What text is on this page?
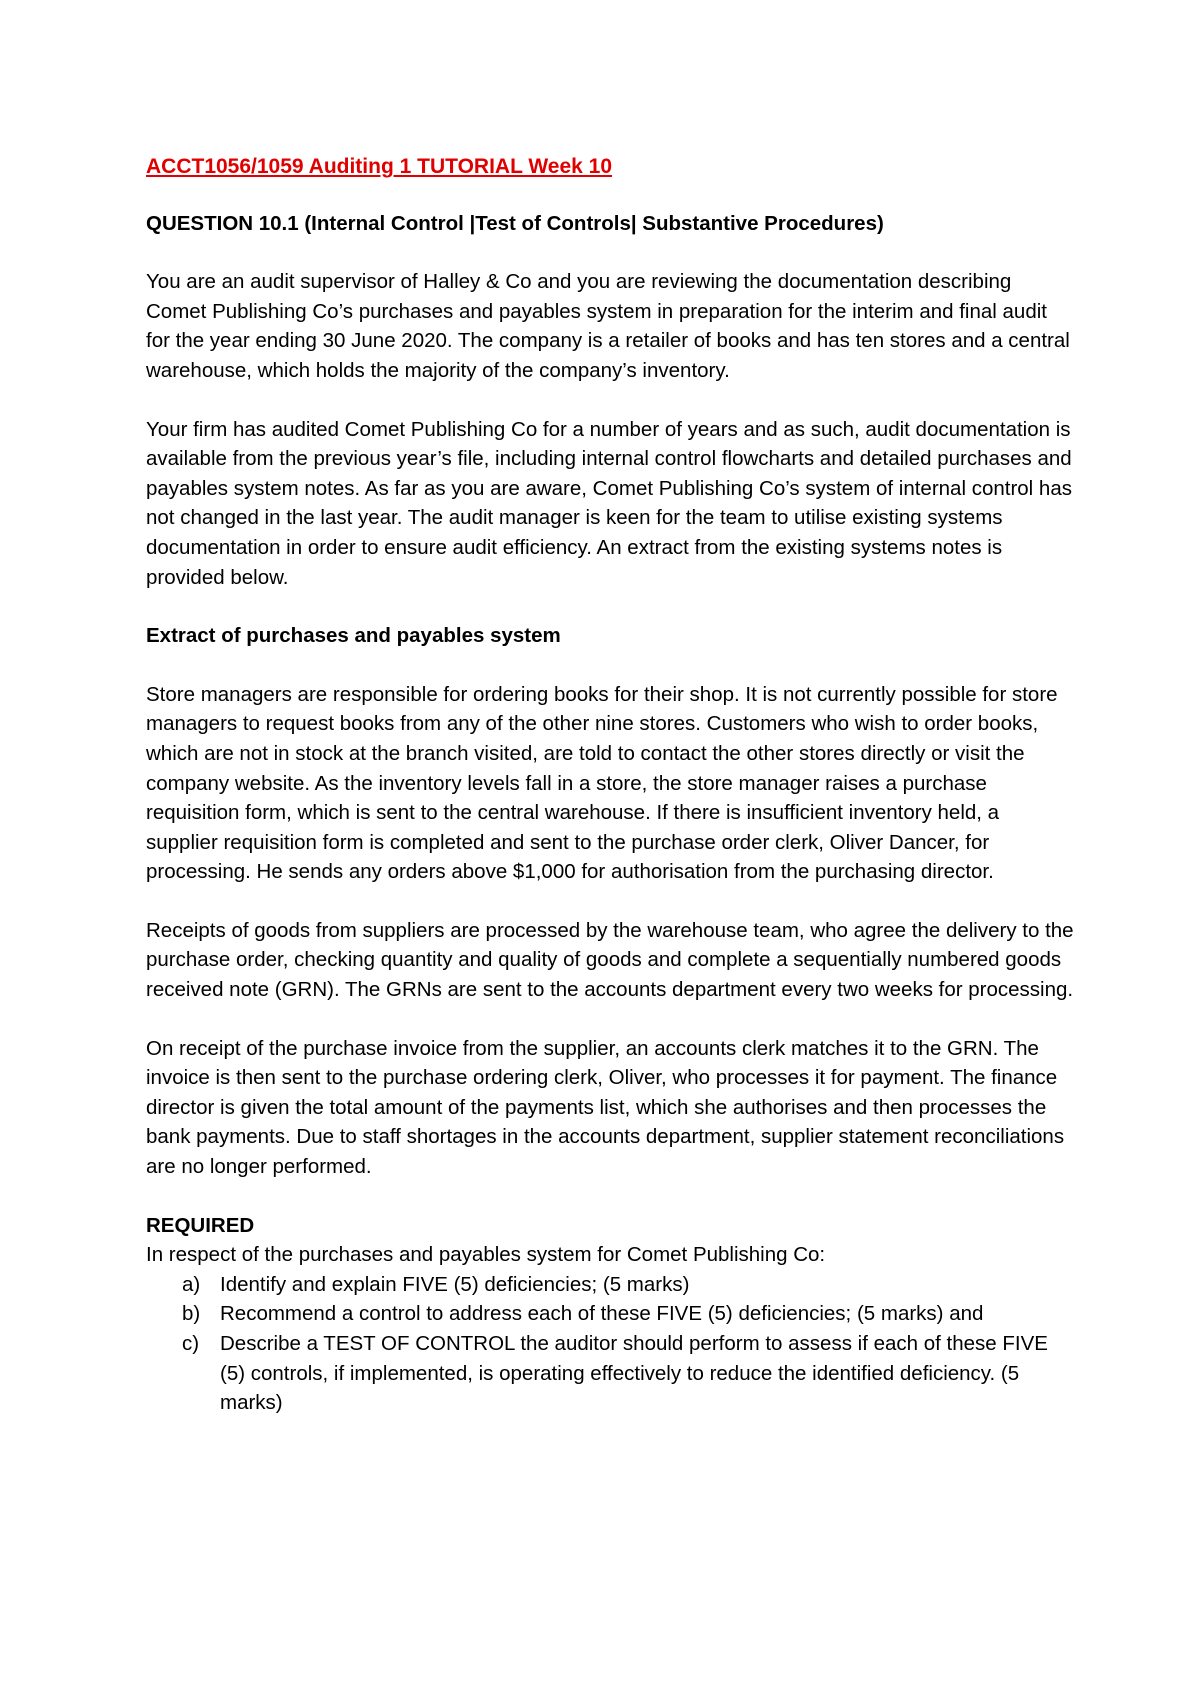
ACCT1056/1059 Auditing 1 TUTORIAL Week 10
QUESTION 10.1 (Internal Control |Test of Controls| Substantive Procedures)
You are an audit supervisor of Halley & Co and you are reviewing the documentation describing Comet Publishing Co’s purchases and payables system in preparation for the interim and final audit for the year ending 30 June 2020. The company is a retailer of books and has ten stores and a central warehouse, which holds the majority of the company’s inventory.
Your firm has audited Comet Publishing Co for a number of years and as such, audit documentation is available from the previous year’s file, including internal control flowcharts and detailed purchases and payables system notes. As far as you are aware, Comet Publishing Co’s system of internal control has not changed in the last year. The audit manager is keen for the team to utilise existing systems documentation in order to ensure audit efficiency. An extract from the existing systems notes is provided below.
Extract of purchases and payables system
Store managers are responsible for ordering books for their shop. It is not currently possible for store managers to request books from any of the other nine stores. Customers who wish to order books, which are not in stock at the branch visited, are told to contact the other stores directly or visit the company website. As the inventory levels fall in a store, the store manager raises a purchase requisition form, which is sent to the central warehouse. If there is insufficient inventory held, a supplier requisition form is completed and sent to the purchase order clerk, Oliver Dancer, for processing. He sends any orders above $1,000 for authorisation from the purchasing director.
Receipts of goods from suppliers are processed by the warehouse team, who agree the delivery to the purchase order, checking quantity and quality of goods and complete a sequentially numbered goods received note (GRN). The GRNs are sent to the accounts department every two weeks for processing.
On receipt of the purchase invoice from the supplier, an accounts clerk matches it to the GRN. The invoice is then sent to the purchase ordering clerk, Oliver, who processes it for payment. The finance director is given the total amount of the payments list, which she authorises and then processes the bank payments. Due to staff shortages in the accounts department, supplier statement reconciliations are no longer performed.
REQUIRED
In respect of the purchases and payables system for Comet Publishing Co:
a) Identify and explain FIVE (5) deficiencies; (5 marks)
b) Recommend a control to address each of these FIVE (5) deficiencies; (5 marks) and
c)	Describe a TEST OF CONTROL the auditor should perform to assess if each of these FIVE (5) controls, if implemented, is operating effectively to reduce the identified deficiency. (5 marks)
